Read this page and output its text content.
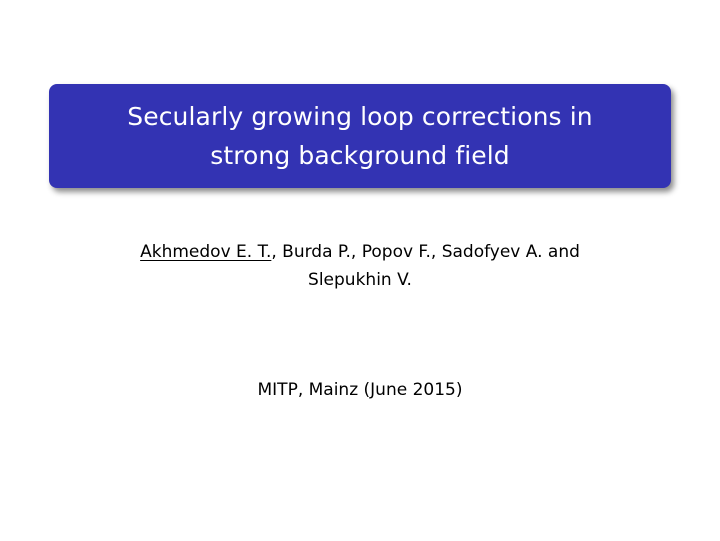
Secularly growing loop corrections in strong background field
Akhmedov E. T., Burda P., Popov F., Sadofyev A. and
Slepukhin V.
MITP, Mainz (June 2015)
